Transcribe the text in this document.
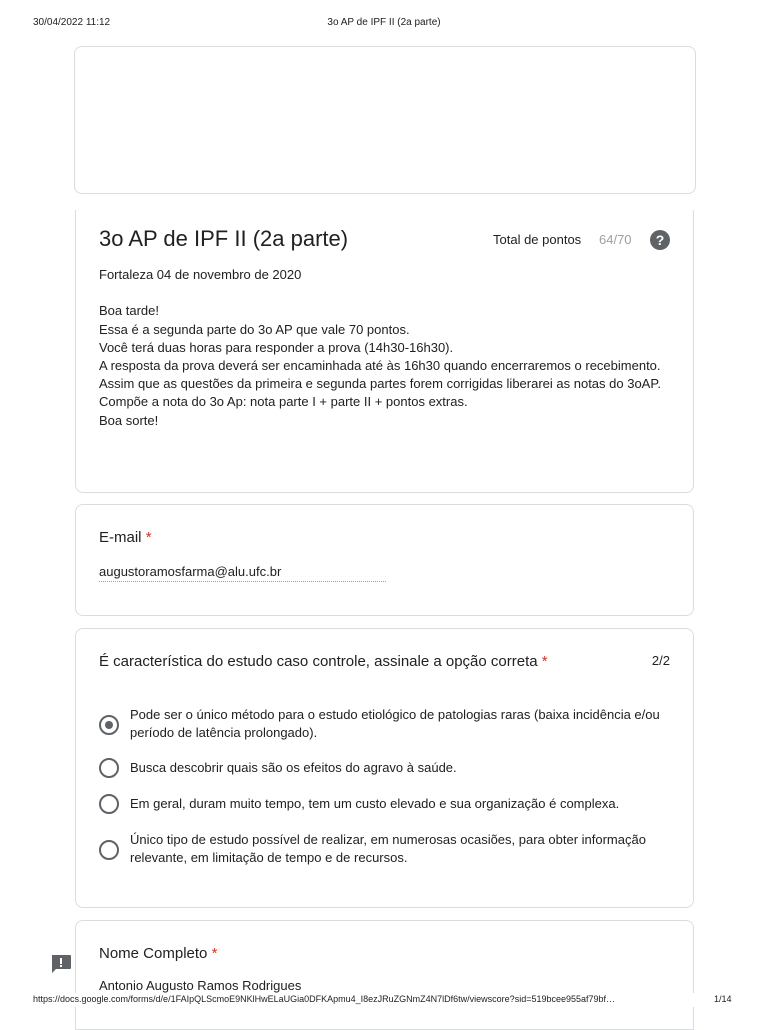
30/04/2022 11:12	3o AP de IPF II (2a parte)
3o AP de IPF II (2a parte)	Total de pontos 64/70	?

Fortaleza 04 de novembro de 2020

Boa tarde!

Essa é a segunda parte do 3o AP que vale 70 pontos.

Você terá duas horas para responder a prova (14h30-16h30).

A resposta da prova deverá ser encaminhada até às 16h30 quando encerraremos o recebimento.

Assim que as questões da primeira e segunda partes forem corrigidas liberarei as notas do 3oAP.

Compõe a nota do 3o Ap: nota parte I + parte II + pontos extras.

Boa sorte!

E-mail *
augustoramosfarma@alu.ufc.br
É característica do estudo caso controle, assinale a opção correta *	2/2
Pode ser o único método para o estudo etiológico de patologias raras (baixa incidência e/ou período de latência prolongado).
Busca descobrir quais são os efeitos do agravo à saúde.
Em geral, duram muito tempo, tem um custo elevado e sua organização é complexa.
Único tipo de estudo possível de realizar, em numerosas ocasiões, para obter informação relevante, em limitação de tempo e de recursos.
Nome Completo *
Antonio Augusto Ramos Rodrigues
https://docs.google.com/forms/d/e/1FAIpQLScmoE9NKlHwELaUGia0DFKApmu4_I8ezJRuZGNmZ4N7lDf6tw/viewscore?sid=519bcee955af79bf…	1/14
